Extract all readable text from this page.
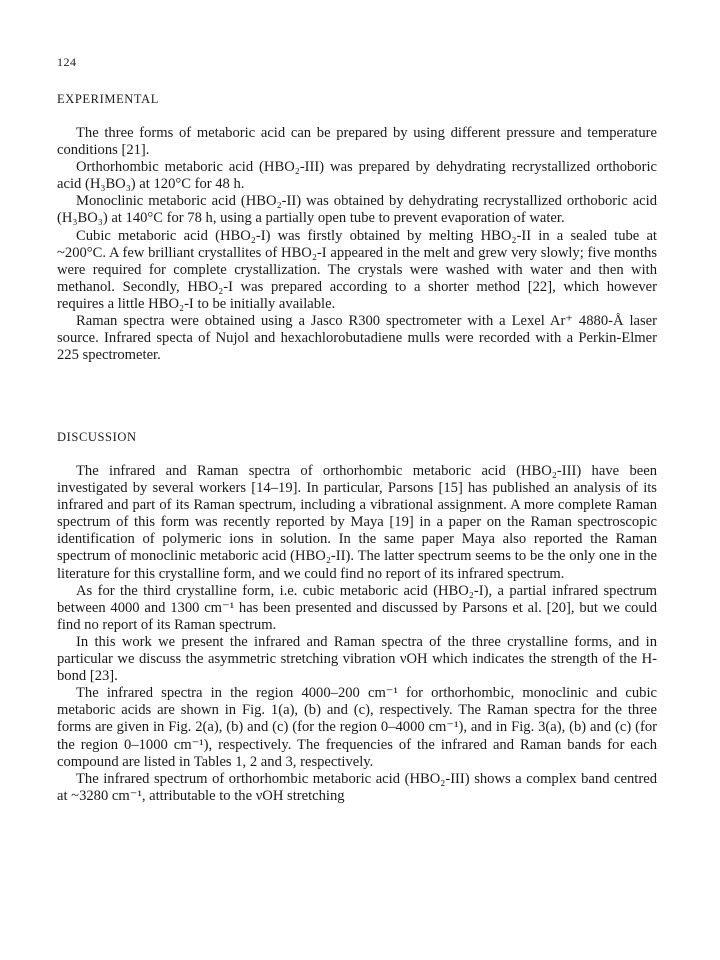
124
EXPERIMENTAL

The three forms of metaboric acid can be prepared by using different pressure and temperature conditions [21].

Orthorhombic metaboric acid (HBO₂-III) was prepared by dehydrating recrystallized orthoboric acid (H₃BO₃) at 120°C for 48 h.

Monoclinic metaboric acid (HBO₂-II) was obtained by dehydrating recrystallized orthoboric acid (H₃BO₃) at 140°C for 78 h, using a partially open tube to prevent evaporation of water.

Cubic metaboric acid (HBO₂-I) was firstly obtained by melting HBO₂-II in a sealed tube at ~200°C. A few brilliant crystallites of HBO₂-I appeared in the melt and grew very slowly; five months were required for complete crystallization. The crystals were washed with water and then with methanol. Secondly, HBO₂-I was prepared according to a shorter method [22], which however requires a little HBO₂-I to be initially available.

Raman spectra were obtained using a Jasco R300 spectrometer with a Lexel Ar⁺ 4880-Å laser source. Infrared specta of Nujol and hexachlorobutadiene mulls were recorded with a Perkin-Elmer 225 spectrometer.

DISCUSSION

The infrared and Raman spectra of orthorhombic metaboric acid (HBO₂-III) have been investigated by several workers [14–19]. In particular, Parsons [15] has published an analysis of its infrared and part of its Raman spectrum, including a vibrational assignment. A more complete Raman spectrum of this form was recently reported by Maya [19] in a paper on the Raman spectroscopic identification of polymeric ions in solution. In the same paper Maya also reported the Raman spectrum of monoclinic metaboric acid (HBO₂-II). The latter spectrum seems to be the only one in the literature for this crystalline form, and we could find no report of its infrared spectrum.

As for the third crystalline form, i.e. cubic metaboric acid (HBO₂-I), a partial infrared spectrum between 4000 and 1300 cm⁻¹ has been presented and discussed by Parsons et al. [20], but we could find no report of its Raman spectrum.

In this work we present the infrared and Raman spectra of the three crystalline forms, and in particular we discuss the asymmetric stretching vibration νOH which indicates the strength of the H-bond [23].

The infrared spectra in the region 4000–200 cm⁻¹ for orthorhombic, monoclinic and cubic metaboric acids are shown in Fig. 1(a), (b) and (c), respectively. The Raman spectra for the three forms are given in Fig. 2(a), (b) and (c) (for the region 0–4000 cm⁻¹), and in Fig. 3(a), (b) and (c) (for the region 0–1000 cm⁻¹), respectively. The frequencies of the infrared and Raman bands for each compound are listed in Tables 1, 2 and 3, respectively.

The infrared spectrum of orthorhombic metaboric acid (HBO₂-III) shows a complex band centred at ~3280 cm⁻¹, attributable to the νOH stretching
